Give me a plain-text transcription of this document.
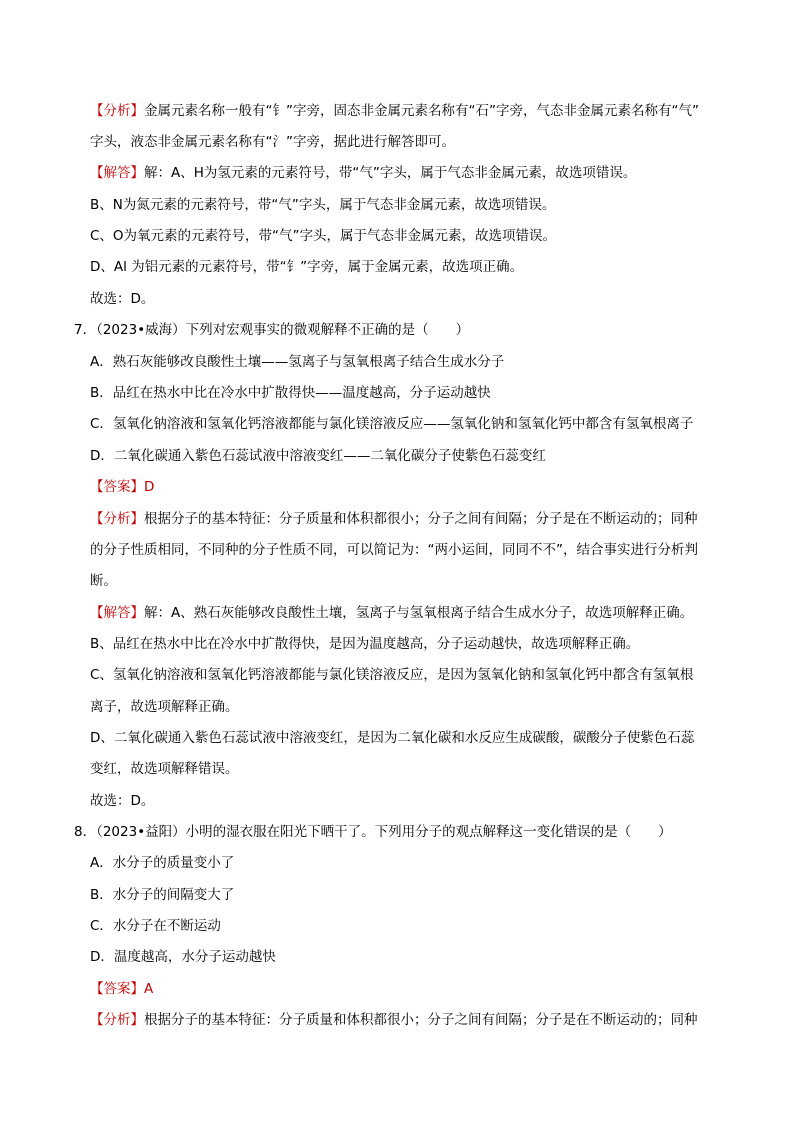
【分析】金属元素名称一般有“钅”字旁，固态非金属元素名称有“石”字旁，气态非金属元素名称有“气”
字头，液态非金属元素名称有“氵”字旁，据此进行解答即可。
【解答】解：A、H为氢元素的元素符号，带“气”字头，属于气态非金属元素，故选项错误。
B、N为氮元素的元素符号，带“气”字头，属于气态非金属元素，故选项错误。
C、O为氧元素的元素符号，带“气”字头，属于气态非金属元素，故选项错误。
D、Al 为铝元素的元素符号，带“钅”字旁，属于金属元素，故选项正确。
故选：D。
7．（2023•威海）下列对宏观事实的微观解释不正确的是（　　）
A．熟石灰能够改良酸性土壤——氢离子与氢氧根离子结合生成水分子
B．品红在热水中比在冷水中扩散得快——温度越高，分子运动越快
C．氢氧化钠溶液和氢氧化钙溶液都能与氯化镁溶液反应——氢氧化钠和氢氧化钙中都含有氢氧根离子
D．二氧化碳通入紫色石蕊试液中溶液变红——二氧化碳分子使紫色石蕊变红
【答案】D
【分析】根据分子的基本特征：分子质量和体积都很小；分子之间有间隔；分子是在不断运动的；同种
的分子性质相同，不同种的分子性质不同，可以简记为：“两小运间，同同不不”，结合事实进行分析判
断。
【解答】解：A、熟石灰能够改良酸性土壤，氢离子与氢氧根离子结合生成水分子，故选项解释正确。
B、品红在热水中比在冷水中扩散得快，是因为温度越高，分子运动越快，故选项解释正确。
C、氢氧化钠溶液和氢氧化钙溶液都能与氯化镁溶液反应，是因为氢氧化钠和氢氧化钙中都含有氢氧根
离子，故选项解释正确。
D、二氧化碳通入紫色石蕊试液中溶液变红，是因为二氧化碳和水反应生成碳酸，碳酸分子使紫色石蕊
变红，故选项解释错误。
故选：D。
8．（2023•益阳）小明的湿衣服在阳光下晒干了。下列用分子的观点解释这一变化错误的是（　　）
A．水分子的质量变小了
B．水分子的间隔变大了
C．水分子在不断运动
D．温度越高，水分子运动越快
【答案】A
【分析】根据分子的基本特征：分子质量和体积都很小；分子之间有间隔；分子是在不断运动的；同种
